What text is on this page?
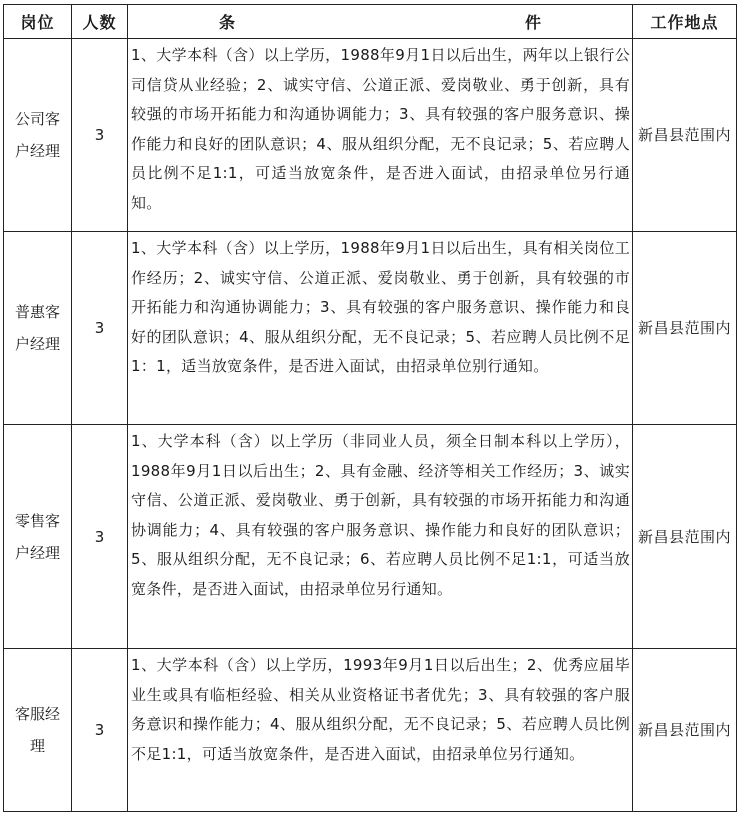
岗位	人数	条 件	工作地点

公司客户经理	3	1、大学本科（含）以上学历，1988年9月1日以后出生，两年以上银行公司信贷从业经验；2、诚实守信、公道正派、爱岗敬业、勇于创新，具有较强的市场开拓能力和沟通协调能力；3、具有较强的客户服务意识、操作能力和良好的团队意识；4、服从组织分配，无不良记录；5、若应聘人员比例不足1:1，可适当放宽条件，是否进入面试，由招录单位另行通知。	新昌县范围内

普惠客户经理	3	1、大学本科（含）以上学历，1988年9月1日以后出生，具有相关岗位工作经历；2、诚实守信、公道正派、爱岗敬业、勇于创新，具有较强的市开拓能力和沟通协调能力；3、具有较强的客户服务意识、操作能力和良好的团队意识；4、服从组织分配，无不良记录；5、若应聘人员比例不足1：1，适当放宽条件，是否进入面试，由招录单位别行通知。	新昌县范围内

零售客户经理	3	1、大学本科（含）以上学历（非同业人员，须全日制本科以上学历），1988年9月1日以后出生；2、具有金融、经济等相关工作经历；3、诚实守信、公道正派、爱岗敬业、勇于创新，具有较强的市场开拓能力和沟通协调能力；4、具有较强的客户服务意识、操作能力和良好的团队意识；5、服从组织分配，无不良记录；6、若应聘人员比例不足1:1，可适当放宽条件，是否进入面试，由招录单位另行通知。	新昌县范围内

客服经理	3	1、大学本科（含）以上学历，1993年9月1日以后出生；2、优秀应届毕业生或具有临柜经验、相关从业资格证书者优先；3、具有较强的客户服务意识和操作能力；4、服从组织分配，无不良记录；5、若应聘人员比例不足1:1，可适当放宽条件，是否进入面试，由招录单位另行通知。	新昌县范围内
